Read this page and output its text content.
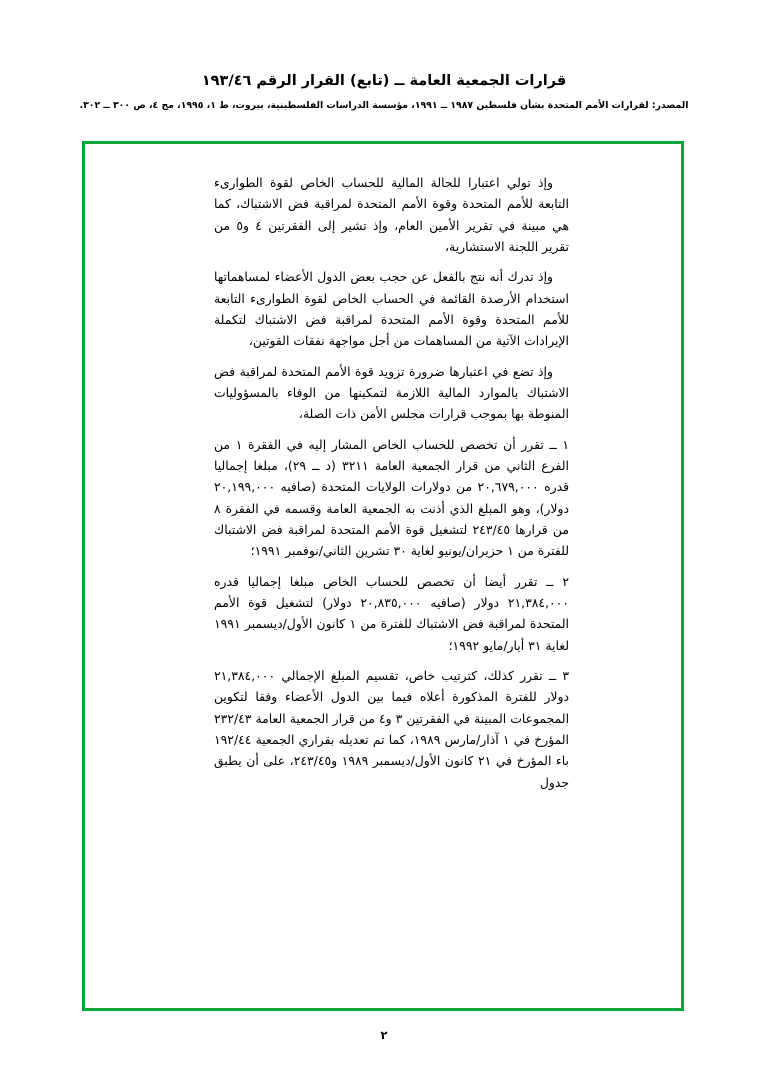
قرارات الجمعية العامة ــ (تابع) القرار الرقم ١٩٣/٤٦
المصدر: لقرارات الأمم المتحدة بشأن فلسطين ١٩٨٧ ــ ١٩٩١، مؤسسة الدراسات الفلسطينية، بيروت، ط ١، ١٩٩٥، مج ٤، ص ٣٠٠ ــ ٣٠٢.

وإذ تولي اعتبارا للحالة المالية للحساب الخاص لقوة الطوارىء التابعة للأمم المتحدة وقوة الأمم المتحدة لمراقبة فض الاشتباك، كما هي مبينة في تقرير الأمين العام، وإذ تشير إلى الفقرتين ٤ و٥ من تقرير اللجنة الاستشارية،

وإذ تدرك أنه نتج بالفعل عن حجب بعض الدول الأعضاء لمساهماتها استخدام الأرصدة القائمة في الحساب الخاص لقوة الطوارىء التابعة للأمم المتحدة وقوة الأمم المتحدة لمراقبة فض الاشتباك لتكملة الإيرادات الآتية من المساهمات من أجل مواجهة نفقات القوتين،

وإذ تضع في اعتبارها ضرورة تزويد قوة الأمم المتحدة لمراقبة فض الاشتباك بالموارد المالية اللازمة لتمكينها من الوفاء بالمسؤوليات المنوطة بها بموجب قرارات مجلس الأمن ذات الصلة،

١ ــ تقرر أن تخصص للحساب الخاص المشار إليه في الفقرة ١ من الفرع الثاني من قرار الجمعية العامة ٣٢١١ (د ــ ٢٩)، مبلغا إجماليا قدره ٢٠,٦٧٩,٠٠٠ من دولارات الولايات المتحدة (صافيه ٢٠,١٩٩,٠٠٠ دولار)، وهو المبلغ الذي أذنت به الجمعية العامة وقسمه في الفقرة ٨ من قرارها ٢٤٣/٤٥ لتشغيل قوة الأمم المتحدة لمراقبة فض الاشتباك للفترة من ١ حزيران/يونيو لغاية ٣٠ تشرين الثاني/نوفمبر ١٩٩١؛

٢ ــ تقرر أيضا أن تخصص للحساب الخاص مبلغا إجماليا قدره ٢١,٣٨٤,٠٠٠ دولار (صافيه ٢٠,٨٣٥,٠٠٠ دولار) لتشغيل قوة الأمم المتحدة لمراقبة فض الاشتباك للفترة من ١ كانون الأول/ديسمبر ١٩٩١ لغاية ٣١ أيار/مايو ١٩٩٢؛

٣ ــ تقرر كذلك، كترتيب خاص، تقسيم المبلغ الإجمالي ٢١,٣٨٤,٠٠٠ دولار للفترة المذكورة أعلاه فيما بين الدول الأعضاء وفقا لتكوين المجموعات المبينة في الفقرتين ٣ و٤ من قرار الجمعية العامة ٢٣٢/٤٣ المؤرخ في ١ آذار/مارس ١٩٨٩، كما تم تعديله بقراري الجمعية ١٩٢/٤٤ باء المؤرخ في ٢١ كانون الأول/ديسمبر ١٩٨٩ و٢٤٣/٤٥، على أن يطبق جدول

٢
